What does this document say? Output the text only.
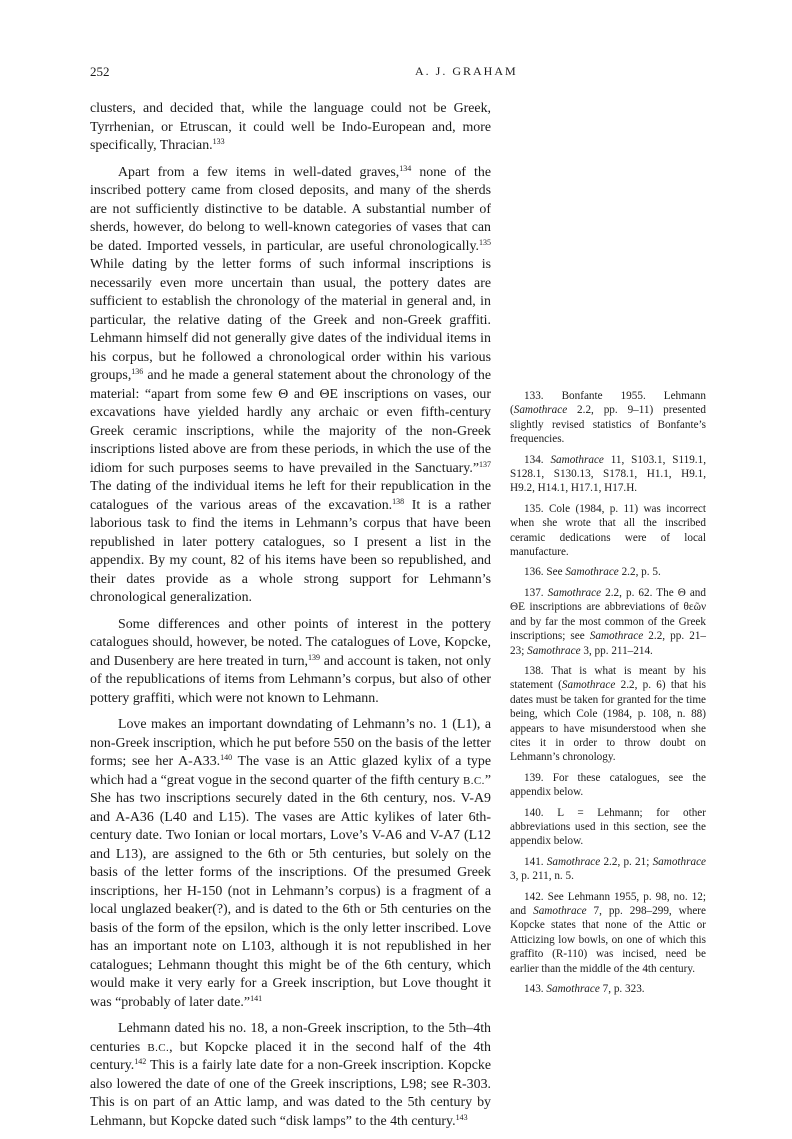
252	A. J. GRAHAM

clusters, and decided that, while the language could not be Greek, Tyrrhenian, or Etruscan, it could well be Indo-European and, more specifically, Thracian.$^{133}$

Apart from a few items in well-dated graves,$^{134}$ none of the inscribed pottery came from closed deposits, and many of the sherds are not sufficiently distinctive to be datable. A substantial number of sherds, however, do belong to well-known categories of vases that can be dated. Imported vessels, in particular, are useful chronologically.$^{135}$ While dating by the letter forms of such informal inscriptions is necessarily even more uncertain than usual, the pottery dates are sufficient to establish the chronology of the material in general and, in particular, the relative dating of the Greek and non-Greek graffiti. Lehmann himself did not generally give dates of the individual items in his corpus, but he followed a chronological order within his various groups,$^{136}$ and he made a general statement about the chronology of the material: “apart from some few Θ and ΘΕ inscriptions on vases, our excavations have yielded hardly any archaic or even fifth-century Greek ceramic inscriptions, while the majority of the non-Greek inscriptions listed above are from these periods, in which the use of the idiom for such purposes seems to have prevailed in the Sanctuary.”$^{137}$ The dating of the individual items he left for their republication in the catalogues of the various areas of the excavation.$^{138}$ It is a rather laborious task to find the items in Lehmann’s corpus that have been republished in later pottery catalogues, so I present a list in the appendix. By my count, 82 of his items have been so republished, and their dates provide as a whole strong support for Lehmann’s chronological generalization.

Some differences and other points of interest in the pottery catalogues should, however, be noted. The catalogues of Love, Kopcke, and Dusenbery are here treated in turn,$^{139}$ and account is taken, not only of the republications of items from Lehmann’s corpus, but also of other pottery graffiti, which were not known to Lehmann.

Love makes an important downdating of Lehmann’s no. 1 (L1), a non-Greek inscription, which he put before 550 on the basis of the letter forms; see her A-A33.$^{140}$ The vase is an Attic glazed kylix of a type which had a “great vogue in the second quarter of the fifth century B.C.” She has two inscriptions securely dated in the 6th century, nos. V-A9 and A-A36 (L40 and L15). The vases are Attic kylikes of later 6th-century date. Two Ionian or local mortars, Love’s V-A6 and V-A7 (L12 and L13), are assigned to the 6th or 5th centuries, but solely on the basis of the letter forms of the inscriptions. Of the presumed Greek inscriptions, her H-150 (not in Lehmann’s corpus) is a fragment of a local unglazed beaker(?), and is dated to the 6th or 5th centuries on the basis of the form of the epsilon, which is the only letter inscribed. Love has an important note on L103, although it is not republished in her catalogues; Lehmann thought this might be of the 6th century, which would make it very early for a Greek inscription, but Love thought it was “probably of later date.”$^{141}$

Lehmann dated his no. 18, a non-Greek inscription, to the 5th–4th centuries B.C., but Kopcke placed it in the second half of the 4th century.$^{142}$ This is a fairly late date for a non-Greek inscription. Kopcke also lowered the date of one of the Greek inscriptions, L98; see R-303. This is on part of an Attic lamp, and was dated to the 5th century by Lehmann, but Kopcke dated such “disk lamps” to the 4th century.$^{143}$

133. Bonfante 1955. Lehmann (Samothrace 2.2, pp. 9–11) presented slightly revised statistics of Bonfante’s frequencies.

134. Samothrace 11, S103.1, S119.1, S128.1, S130.13, S178.1, H1.1, H9.1, H9.2, H14.1, H17.1, H17.H.

135. Cole (1984, p. 11) was incorrect when she wrote that all the inscribed ceramic dedications were of local manufacture.

136. See Samothrace 2.2, p. 5.

137. Samothrace 2.2, p. 62. The Θ and ΘΕ inscriptions are abbreviations of θεῶν and by far the most common of the Greek inscriptions; see Samothrace 2.2, pp. 21–23; Samothrace 3, pp. 211–214.

138. That is what is meant by his statement (Samothrace 2.2, p. 6) that his dates must be taken for granted for the time being, which Cole (1984, p. 108, n. 88) appears to have misunderstood when she cites it in order to throw doubt on Lehmann’s chronology.

139. For these catalogues, see the appendix below.

140. L = Lehmann; for other abbreviations used in this section, see the appendix below.

141. Samothrace 2.2, p. 21; Samothrace 3, p. 211, n. 5.

142. See Lehmann 1955, p. 98, no. 12; and Samothrace 7, pp. 298–299, where Kopcke states that none of the Attic or Atticizing low bowls, on one of which this graffito (R-110) was incised, need be earlier than the middle of the 4th century.

143. Samothrace 7, p. 323.
